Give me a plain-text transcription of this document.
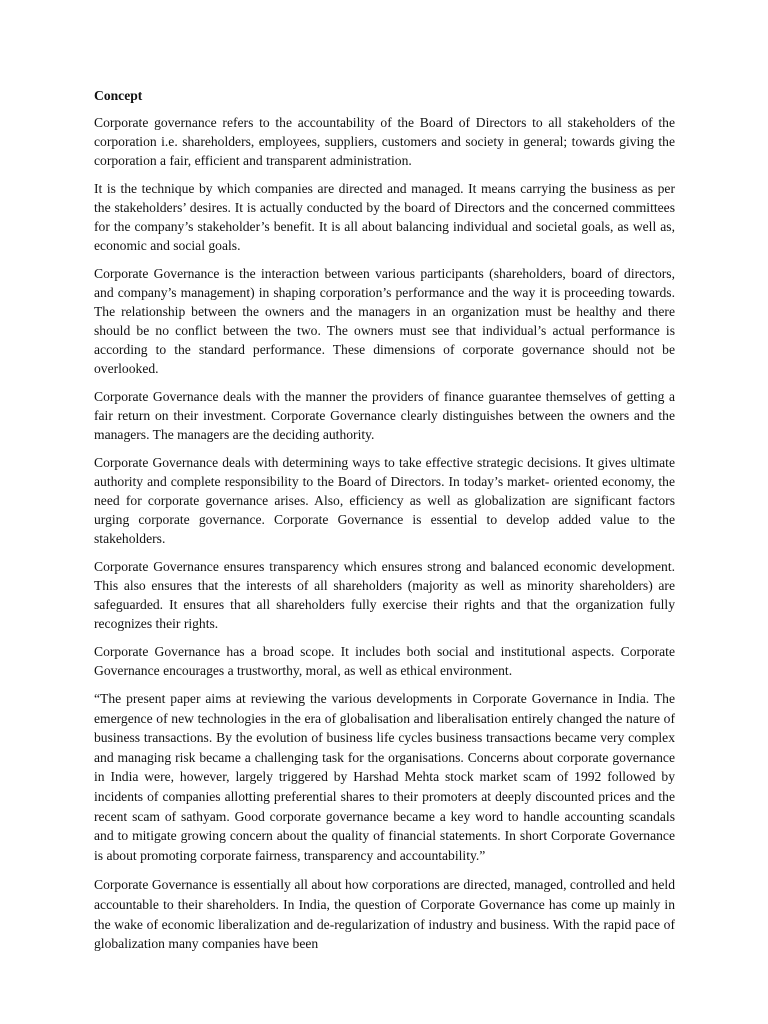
Concept

Corporate governance refers to the accountability of the Board of Directors to all stakeholders of the corporation i.e. shareholders, employees, suppliers, customers and society in general; towards giving the corporation a fair, efficient and transparent administration.

It is the technique by which companies are directed and managed. It means carrying the business as per the stakeholders’ desires. It is actually conducted by the board of Directors and the concerned committees for the company’s stakeholder’s benefit. It is all about balancing individual and societal goals, as well as, economic and social goals.

Corporate Governance is the interaction between various participants (shareholders, board of directors, and company’s management) in shaping corporation’s performance and the way it is proceeding towards. The relationship between the owners and the managers in an organization must be healthy and there should be no conflict between the two. The owners must see that individual’s actual performance is according to the standard performance. These dimensions of corporate governance should not be overlooked.

Corporate Governance deals with the manner the providers of finance guarantee themselves of getting a fair return on their investment. Corporate Governance clearly distinguishes between the owners and the managers. The managers are the deciding authority.

Corporate Governance deals with determining ways to take effective strategic decisions. It gives ultimate authority and complete responsibility to the Board of Directors. In today’s market- oriented economy, the need for corporate governance arises. Also, efficiency as well as globalization are significant factors urging corporate governance. Corporate Governance is essential to develop added value to the stakeholders.

Corporate Governance ensures transparency which ensures strong and balanced economic development. This also ensures that the interests of all shareholders (majority as well as minority shareholders) are safeguarded. It ensures that all shareholders fully exercise their rights and that the organization fully recognizes their rights.

Corporate Governance has a broad scope. It includes both social and institutional aspects. Corporate Governance encourages a trustworthy, moral, as well as ethical environment.

“The present paper aims at reviewing the various developments in Corporate Governance in India. The emergence of new technologies in the era of globalisation and liberalisation entirely changed the nature of business transactions. By the evolution of business life cycles business transactions became very complex and managing risk became a challenging task for the organisations. Concerns about corporate governance in India were, however, largely triggered by Harshad Mehta stock market scam of 1992 followed by incidents of companies allotting preferential shares to their promoters at deeply discounted prices and the recent scam of sathyam. Good corporate governance became a key word to handle accounting scandals and to mitigate growing concern about the quality of financial statements. In short Corporate Governance is about promoting corporate fairness, transparency and accountability.”

Corporate Governance is essentially all about how corporations are directed, managed, controlled and held accountable to their shareholders. In India, the question of Corporate Governance has come up mainly in the wake of economic liberalization and de-regularization of industry and business. With the rapid pace of globalization many companies have been
